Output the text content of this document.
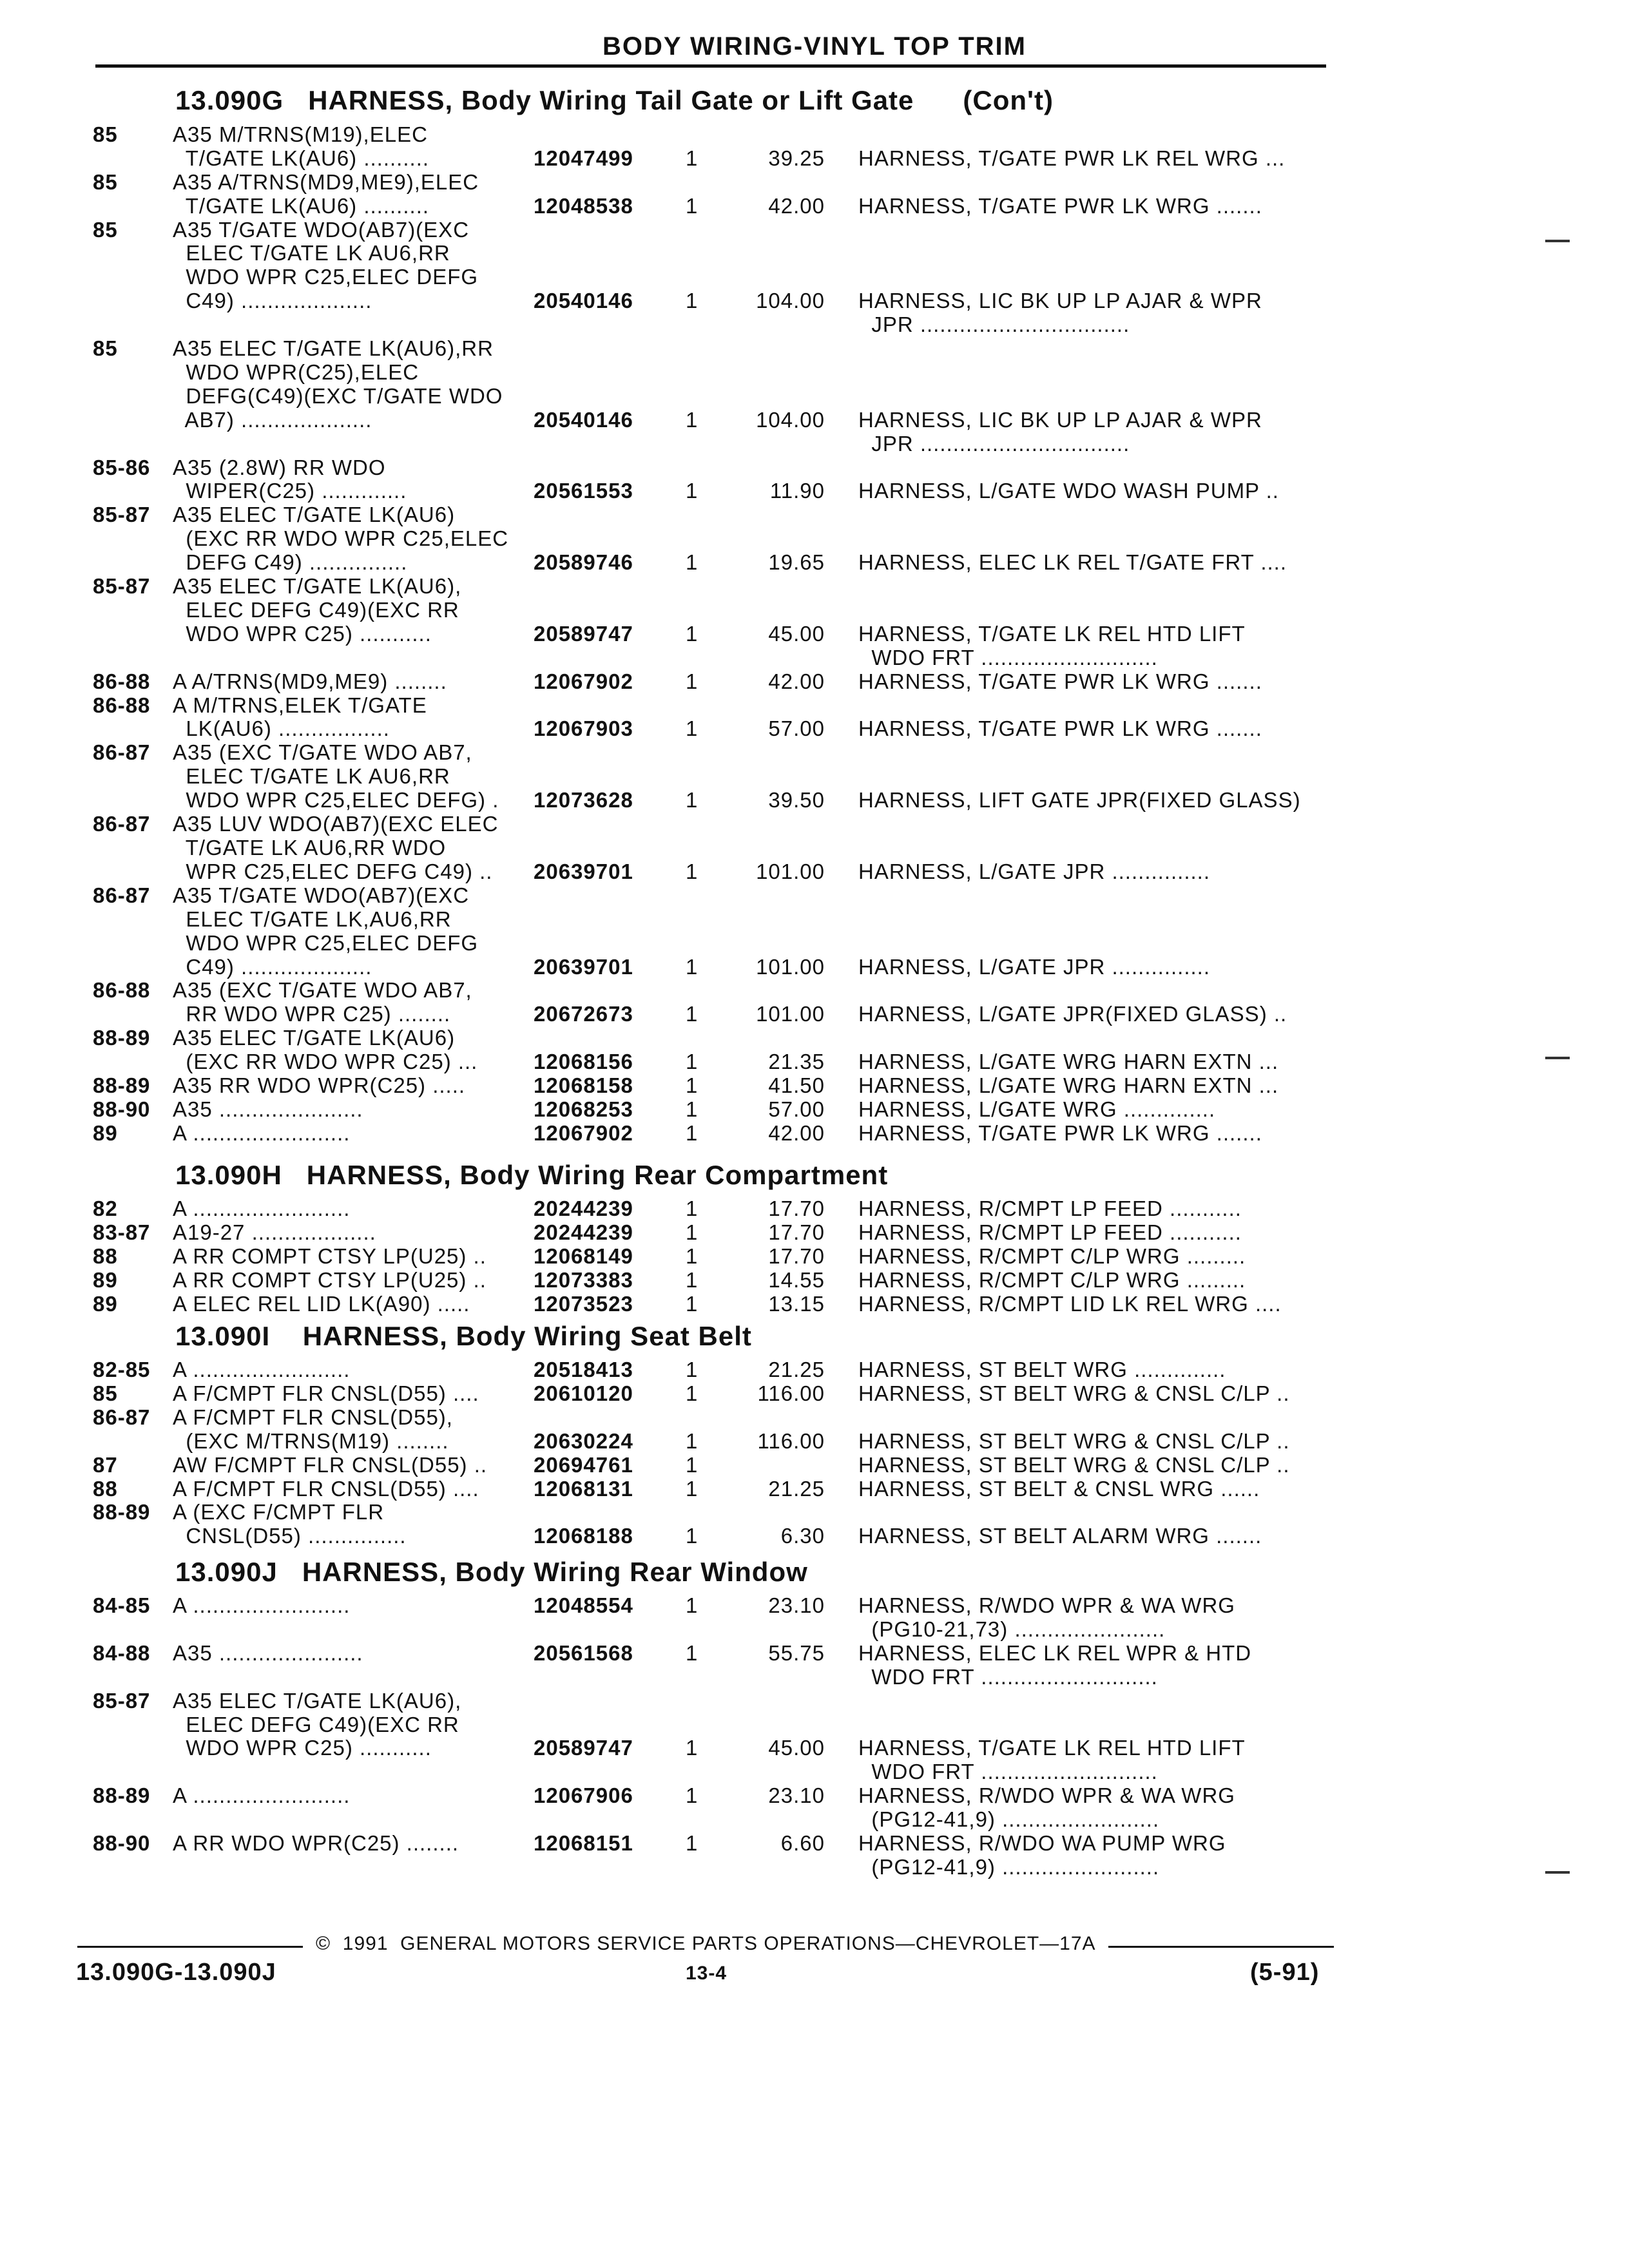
BODY WIRING-VINYL TOP TRIM
13.090G   HARNESS, Body Wiring Tail Gate or Lift Gate      (Con't)
85	A35 M/TRNS(M19),ELEC
T/GATE LK(AU6) ..........	12047499 1	39.25 HARNESS, T/GATE PWR LK REL WRG ...
85	A35 A/TRNS(MD9,ME9),ELEC
T/GATE LK(AU6) ..........	12048538 1	42.00 HARNESS, T/GATE PWR LK WRG .......
85	A35 T/GATE WDO(AB7)(EXC
ELEC T/GATE LK AU6,RR
WDO WPR C25,ELEC DEFG
C49) ....................	20540146 1	104.00 HARNESS, LIC BK UP LP AJAR & WPR
JPR ................................
85	A35 ELEC T/GATE LK(AU6),RR
WDO WPR(C25),ELEC
DEFG(C49)(EXC T/GATE WDO
AB7) ....................	20540146 1	104.00 HARNESS, LIC BK UP LP AJAR & WPR
JPR ................................
85-86 A35 (2.8W) RR WDO
WIPER(C25) .............	20561553 1	11.90 HARNESS, L/GATE WDO WASH PUMP ..
85-87 A35 ELEC T/GATE LK(AU6)
(EXC RR WDO WPR C25,ELEC
DEFG C49) ...............	20589746 1	19.65 HARNESS, ELEC LK REL T/GATE FRT ....
85-87 A35 ELEC T/GATE LK(AU6),
ELEC DEFG C49)(EXC RR
WDO WPR C25) ...........	20589747 1	45.00 HARNESS, T/GATE LK REL HTD LIFT
WDO FRT ...........................
86-88 A A/TRNS(MD9,ME9) ........	12067902 1	42.00 HARNESS, T/GATE PWR LK WRG .......
86-88 A M/TRNS,ELEK T/GATE
LK(AU6) .................	12067903 1	57.00 HARNESS, T/GATE PWR LK WRG .......
86-87 A35 (EXC T/GATE WDO AB7,
ELEC T/GATE LK AU6,RR
WDO WPR C25,ELEC DEFG) . 12073628 1	39.50 HARNESS, LIFT GATE JPR(FIXED GLASS)
86-87 A35 LUV WDO(AB7)(EXC ELEC
T/GATE LK AU6,RR WDO
WPR C25,ELEC DEFG C49) .. 20639701 1	101.00 HARNESS, L/GATE JPR ...............
86-87 A35 T/GATE WDO(AB7)(EXC
ELEC T/GATE LK,AU6,RR
WDO WPR C25,ELEC DEFG
C49) ....................	20639701 1	101.00 HARNESS, L/GATE JPR ...............
86-88 A35 (EXC T/GATE WDO AB7,
RR WDO WPR C25) ........	20672673 1	101.00 HARNESS, L/GATE JPR(FIXED GLASS) ..
88-89 A35 ELEC T/GATE LK(AU6)
(EXC RR WDO WPR C25) ...	12068156 1	21.35 HARNESS, L/GATE WRG HARN EXTN ...
88-89 A35 RR WDO WPR(C25) .....	12068158 1	41.50 HARNESS, L/GATE WRG HARN EXTN ...
88-90 A35 ......................	12068253 1	57.00 HARNESS, L/GATE WRG ..............
89	A ........................	12067902 1	42.00 HARNESS, T/GATE PWR LK WRG .......
13.090H   HARNESS, Body Wiring Rear Compartment
82	A ........................	20244239 1	17.70 HARNESS, R/CMPT LP FEED ...........
83-87 A19-27 ...................	20244239 1	17.70 HARNESS, R/CMPT LP FEED ...........
88	A RR COMPT CTSY LP(U25) .. 12068149 1	17.70 HARNESS, R/CMPT C/LP WRG .........
89	A RR COMPT CTSY LP(U25) .. 12073383 1	14.55 HARNESS, R/CMPT C/LP WRG .........
89	A ELEC REL LID LK(A90) .....	12073523 1	13.15 HARNESS, R/CMPT LID LK REL WRG ....
13.090I    HARNESS, Body Wiring Seat Belt
82-85 A ........................	20518413 1	21.25 HARNESS, ST BELT WRG ..............
85	A F/CMPT FLR CNSL(D55) ....	20610120 1	116.00 HARNESS, ST BELT WRG & CNSL C/LP ..
86-87 A F/CMPT FLR CNSL(D55),
(EXC M/TRNS(M19) ........	20630224 1	116.00 HARNESS, ST BELT WRG & CNSL C/LP ..
87	AW F/CMPT FLR CNSL(D55) .. 20694761 1	HARNESS, ST BELT WRG & CNSL C/LP ..
88	A F/CMPT FLR CNSL(D55) ....	12068131 1	21.25 HARNESS, ST BELT & CNSL WRG ......
88-89 A (EXC F/CMPT FLR
CNSL(D55) ...............	12068188 1	6.30 HARNESS, ST BELT ALARM WRG .......
13.090J   HARNESS, Body Wiring Rear Window
84-85 A ........................	12048554 1	23.10 HARNESS, R/WDO WPR & WA WRG
(PG10-21,73) .......................
84-88 A35 ......................	20561568 1	55.75 HARNESS, ELEC LK REL WPR & HTD
WDO FRT ...........................
85-87 A35 ELEC T/GATE LK(AU6),
ELEC DEFG C49)(EXC RR
WDO WPR C25) ...........	20589747 1	45.00 HARNESS, T/GATE LK REL HTD LIFT
WDO FRT ...........................
88-89 A ........................	12067906 1	23.10 HARNESS, R/WDO WPR & WA WRG
(PG12-41,9) ........................
88-90 A RR WDO WPR(C25) ........	12068151 1	6.60 HARNESS, R/WDO WA PUMP WRG
(PG12-41,9) ........................
©  1991  GENERAL MOTORS SERVICE PARTS OPERATIONS—CHEVROLET—17A
13.090G-13.090J	13-4	(5-91)
